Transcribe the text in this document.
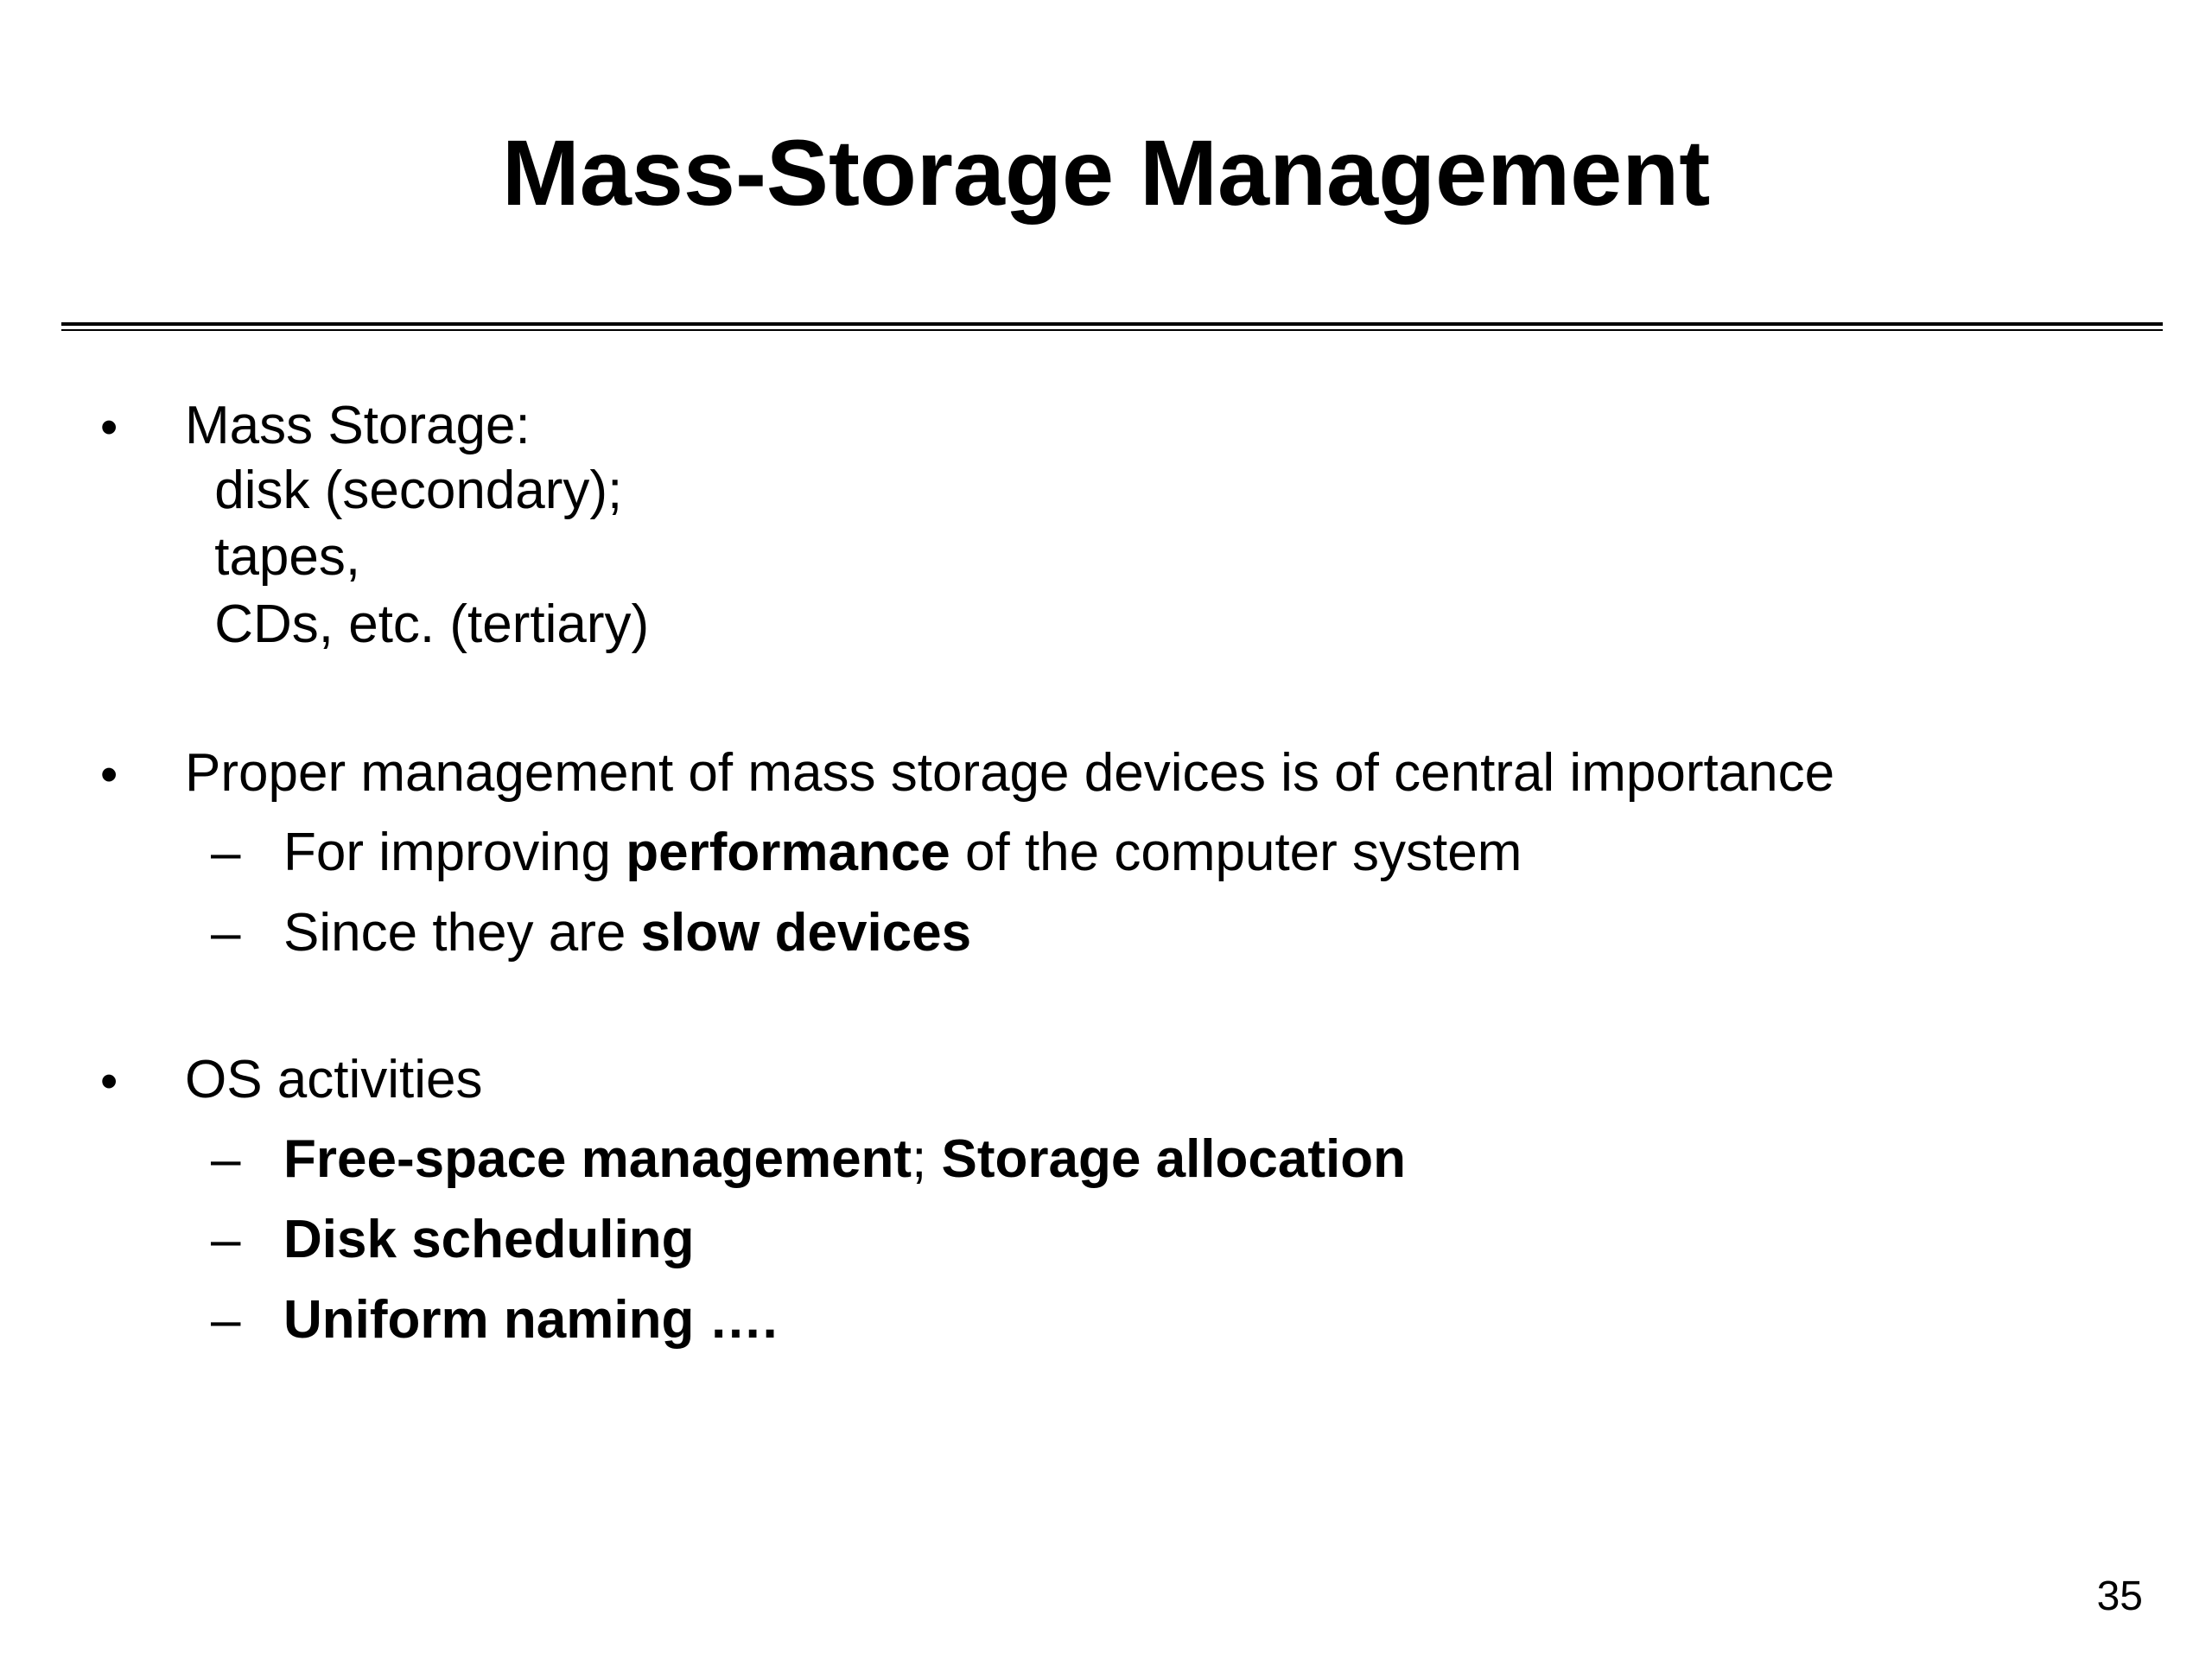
Mass-Storage Management
• Mass Storage:
disk (secondary);
tapes,
CDs, etc. (tertiary)
• Proper management of mass storage devices is of central importance
– For improving performance of the computer system
– Since they are slow devices
• OS activities
– Free-space management; Storage allocation
– Disk scheduling
– Uniform naming ….
35
